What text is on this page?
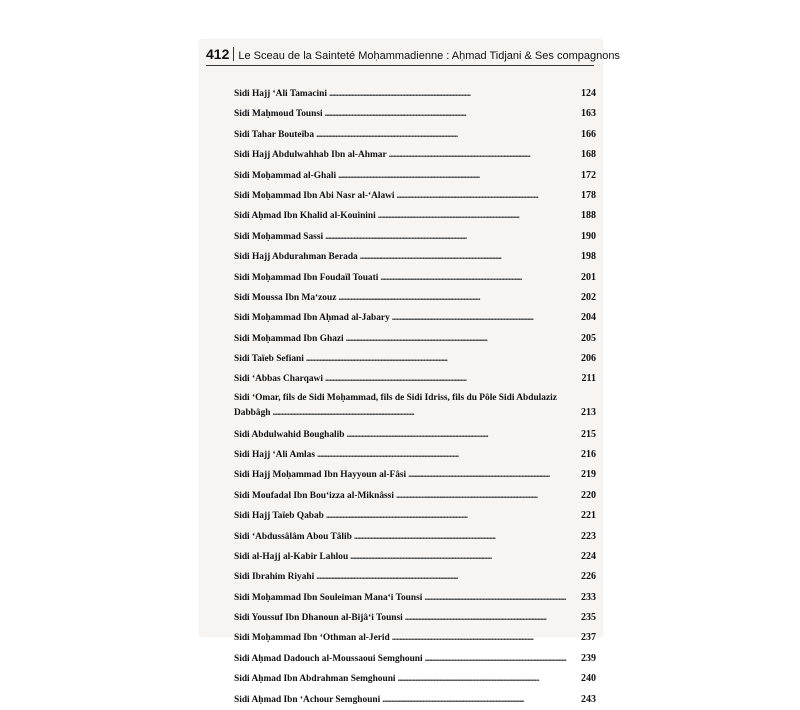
412 Le Sceau de la Sainteté Moḥammadienne : Aḥmad Tidjani & Ses compagnons
Sidi Hajj ‘Ali Tamacini . . .	124
Sidi Maḥmoud Tounsi . . .	163
Sidi Tahar Bouteïba . . .	166
Sidi Hajj Abdulwahhab Ibn al-Ahmar . . .	168
Sidi Moḥammad al-Ghali . . .	172
Sidi Moḥammad Ibn Abi Nasr al-‘Alawi . . .	178
Sidi Aḥmad Ibn Khalid al-Kouinini . . .	188
Sidi Moḥammad Sassi . . .	190
Sidi Hajj Abdurahman Berada . . .	198
Sidi Moḥammad Ibn Foudaïl Touati . . .	201
Sidi Moussa Ibn Ma‘zouz . . .	202
Sidi Moḥammad Ibn Aḥmad al-Jabary . . .	204
Sidi Moḥammad Ibn Ghazi . . .	205
Sidi Taïeb Sefiani . . .	206
Sidi ‘Abbas Charqawi . . .	211
Sidi ‘Omar, fils de Sidi Moḥammad, fils de Sidi Idriss, fils du Pôle Sidi Abdulaziz
Dabbâgh . . .	213
Sidi Abdulwahid Boughalib . . .	215
Sidi Hajj ‘Ali Amlas . . .	216
Sidi Hajj Moḥammad Ibn Hayyoun al-Fâsi . . .	219
Sidi Moufadal Ibn Bou‘izza al-Miknâssi . . .	220
Sidi Hajj Taïeb Qabab . . .	221
Sidi ‘Abdussâlâm Abou Tâlib . . .	223
Sidi al-Hajj al-Kabir Lahlou . . .	224
Sidi Ibrahim Riyahi . . .	226
Sidi Moḥammad Ibn Souleiman Mana‘i Tounsi . . .	233
Sidi Youssuf Ibn Dhanoun al-Bijâ‘i Tounsi . . .	235
Sidi Moḥammad Ibn ‘Othman al-Jerid . . .	237
Sidi Aḥmad Dadouch al-Moussaoui Semghouni . . .	239
Sidi Aḥmad Ibn Abdrahman Semghouni . . .	240
Sidi Aḥmad Ibn ‘Achour Semghouni . . .	243
